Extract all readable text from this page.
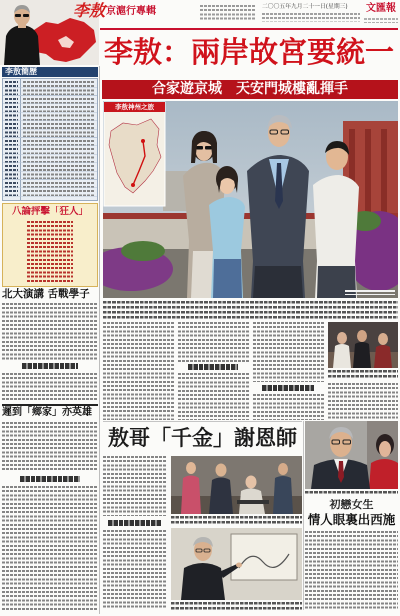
李敖 京滬行專輯	二〇〇五年九月二十一日(星期三)	文匯報
李敖：兩岸故宮要統一
合家遊京城　天安門城樓亂揮手
李敖神州之旅
李敖簡歷
八論抨擊「狂人」
北大演講 舌戰學子
遲到「鄉家」亦英雄
敖哥「千金」謝恩師
初戀女生
情人眼裏出西施
